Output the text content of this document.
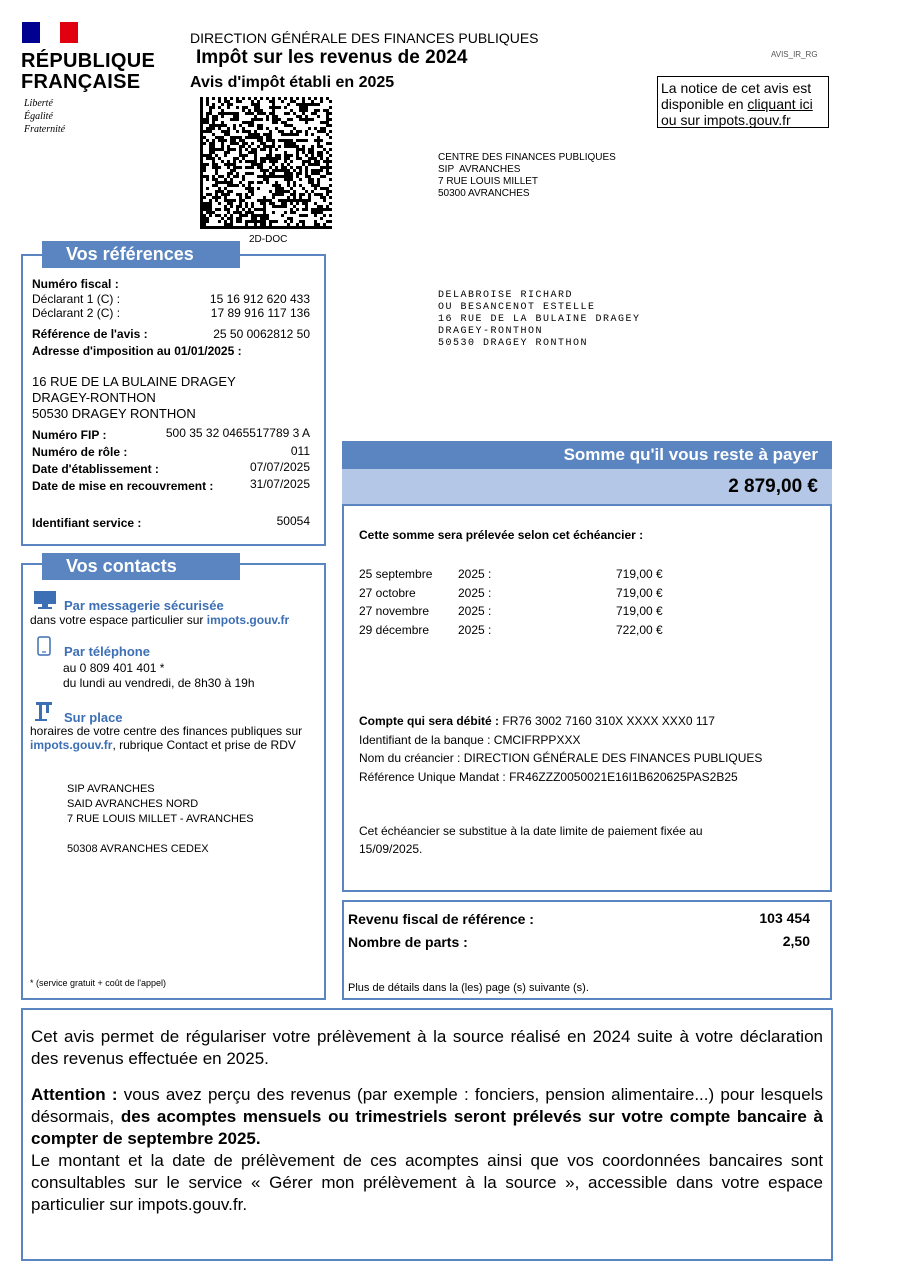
RÉPUBLIQUE
FRANÇAISE
Liberté
Égalité
Fraternité
DIRECTION GÉNÉRALE DES FINANCES PUBLIQUES
Impôt sur les revenus de 2024
Avis d'impôt établi en 2025
AVIS_IR_RG
La notice de cet avis est
disponible en cliquant ici
ou sur impots.gouv.fr
2D-DOC
CENTRE DES FINANCES PUBLIQUES
SIP  AVRANCHES
7 RUE LOUIS MILLET
50300 AVRANCHES
DELABROISE RICHARD
OU BESANCENOT ESTELLE
16 RUE DE LA BULAINE DRAGEY
DRAGEY-RONTHON
50530 DRAGEY RONTHON
Vos références
Numéro fiscal :
Déclarant 1 (C) :	15 16 912 620 433
Déclarant 2 (C) :	17 89 916 117 136
Référence de l'avis :	25 50 0062812 50
Adresse d'imposition au 01/01/2025 :
16 RUE DE LA BULAINE DRAGEY
DRAGEY-RONTHON
50530 DRAGEY RONTHON
Numéro FIP :	500 35 32 0465517789 3 A
Numéro de rôle :	011
Date d'établissement :	07/07/2025
Date de mise en recouvrement :	31/07/2025
Identifiant service :	50054
Vos contacts
Par messagerie sécurisée
dans votre espace particulier sur impots.gouv.fr
Par téléphone
au 0 809 401 401 *
du lundi au vendredi, de 8h30 à 19h
Sur place
horaires de votre centre des finances publiques sur
impots.gouv.fr, rubrique Contact et prise de RDV
SIP AVRANCHES
SAID AVRANCHES NORD
7 RUE LOUIS MILLET - AVRANCHES
50308 AVRANCHES CEDEX
* (service gratuit + coût de l'appel)
Somme qu'il vous reste à payer
2 879,00 €
Cette somme sera prélevée selon cet échéancier :
25 septembre 2025 :	719,00 €
27 octobre	2025 :	719,00 €
27 novembre 2025 :	719,00 €
29 décembre 2025 :	722,00 €
Compte qui sera débité : FR76 3002 7160 310X XXXX XXX0 117
Identifiant de la banque : CMCIFRPPXXX
Nom du créancier : DIRECTION GÉNÉRALE DES FINANCES PUBLIQUES
Référence Unique Mandat : FR46ZZZ0050021E16I1B620625PAS2B25
Cet échéancier se substitue à la date limite de paiement fixée au
15/09/2025.
Revenu fiscal de référence :	103 454
Nombre de parts :	2,50
Plus de détails dans la (les) page (s) suivante (s).

Cet avis permet de régulariser votre prélèvement à la source réalisé en 2024 suite à votre déclaration des revenus effectuée en 2025.

Attention : vous avez perçu des revenus (par exemple : fonciers, pension alimentaire...) pour lesquels désormais, des acomptes mensuels ou trimestriels seront prélevés sur votre compte bancaire à compter de septembre 2025.

Le montant et la date de prélèvement de ces acomptes ainsi que vos coordonnées bancaires sont consultables sur le service « Gérer mon prélèvement à la source », accessible dans votre espace particulier sur impots.gouv.fr.
